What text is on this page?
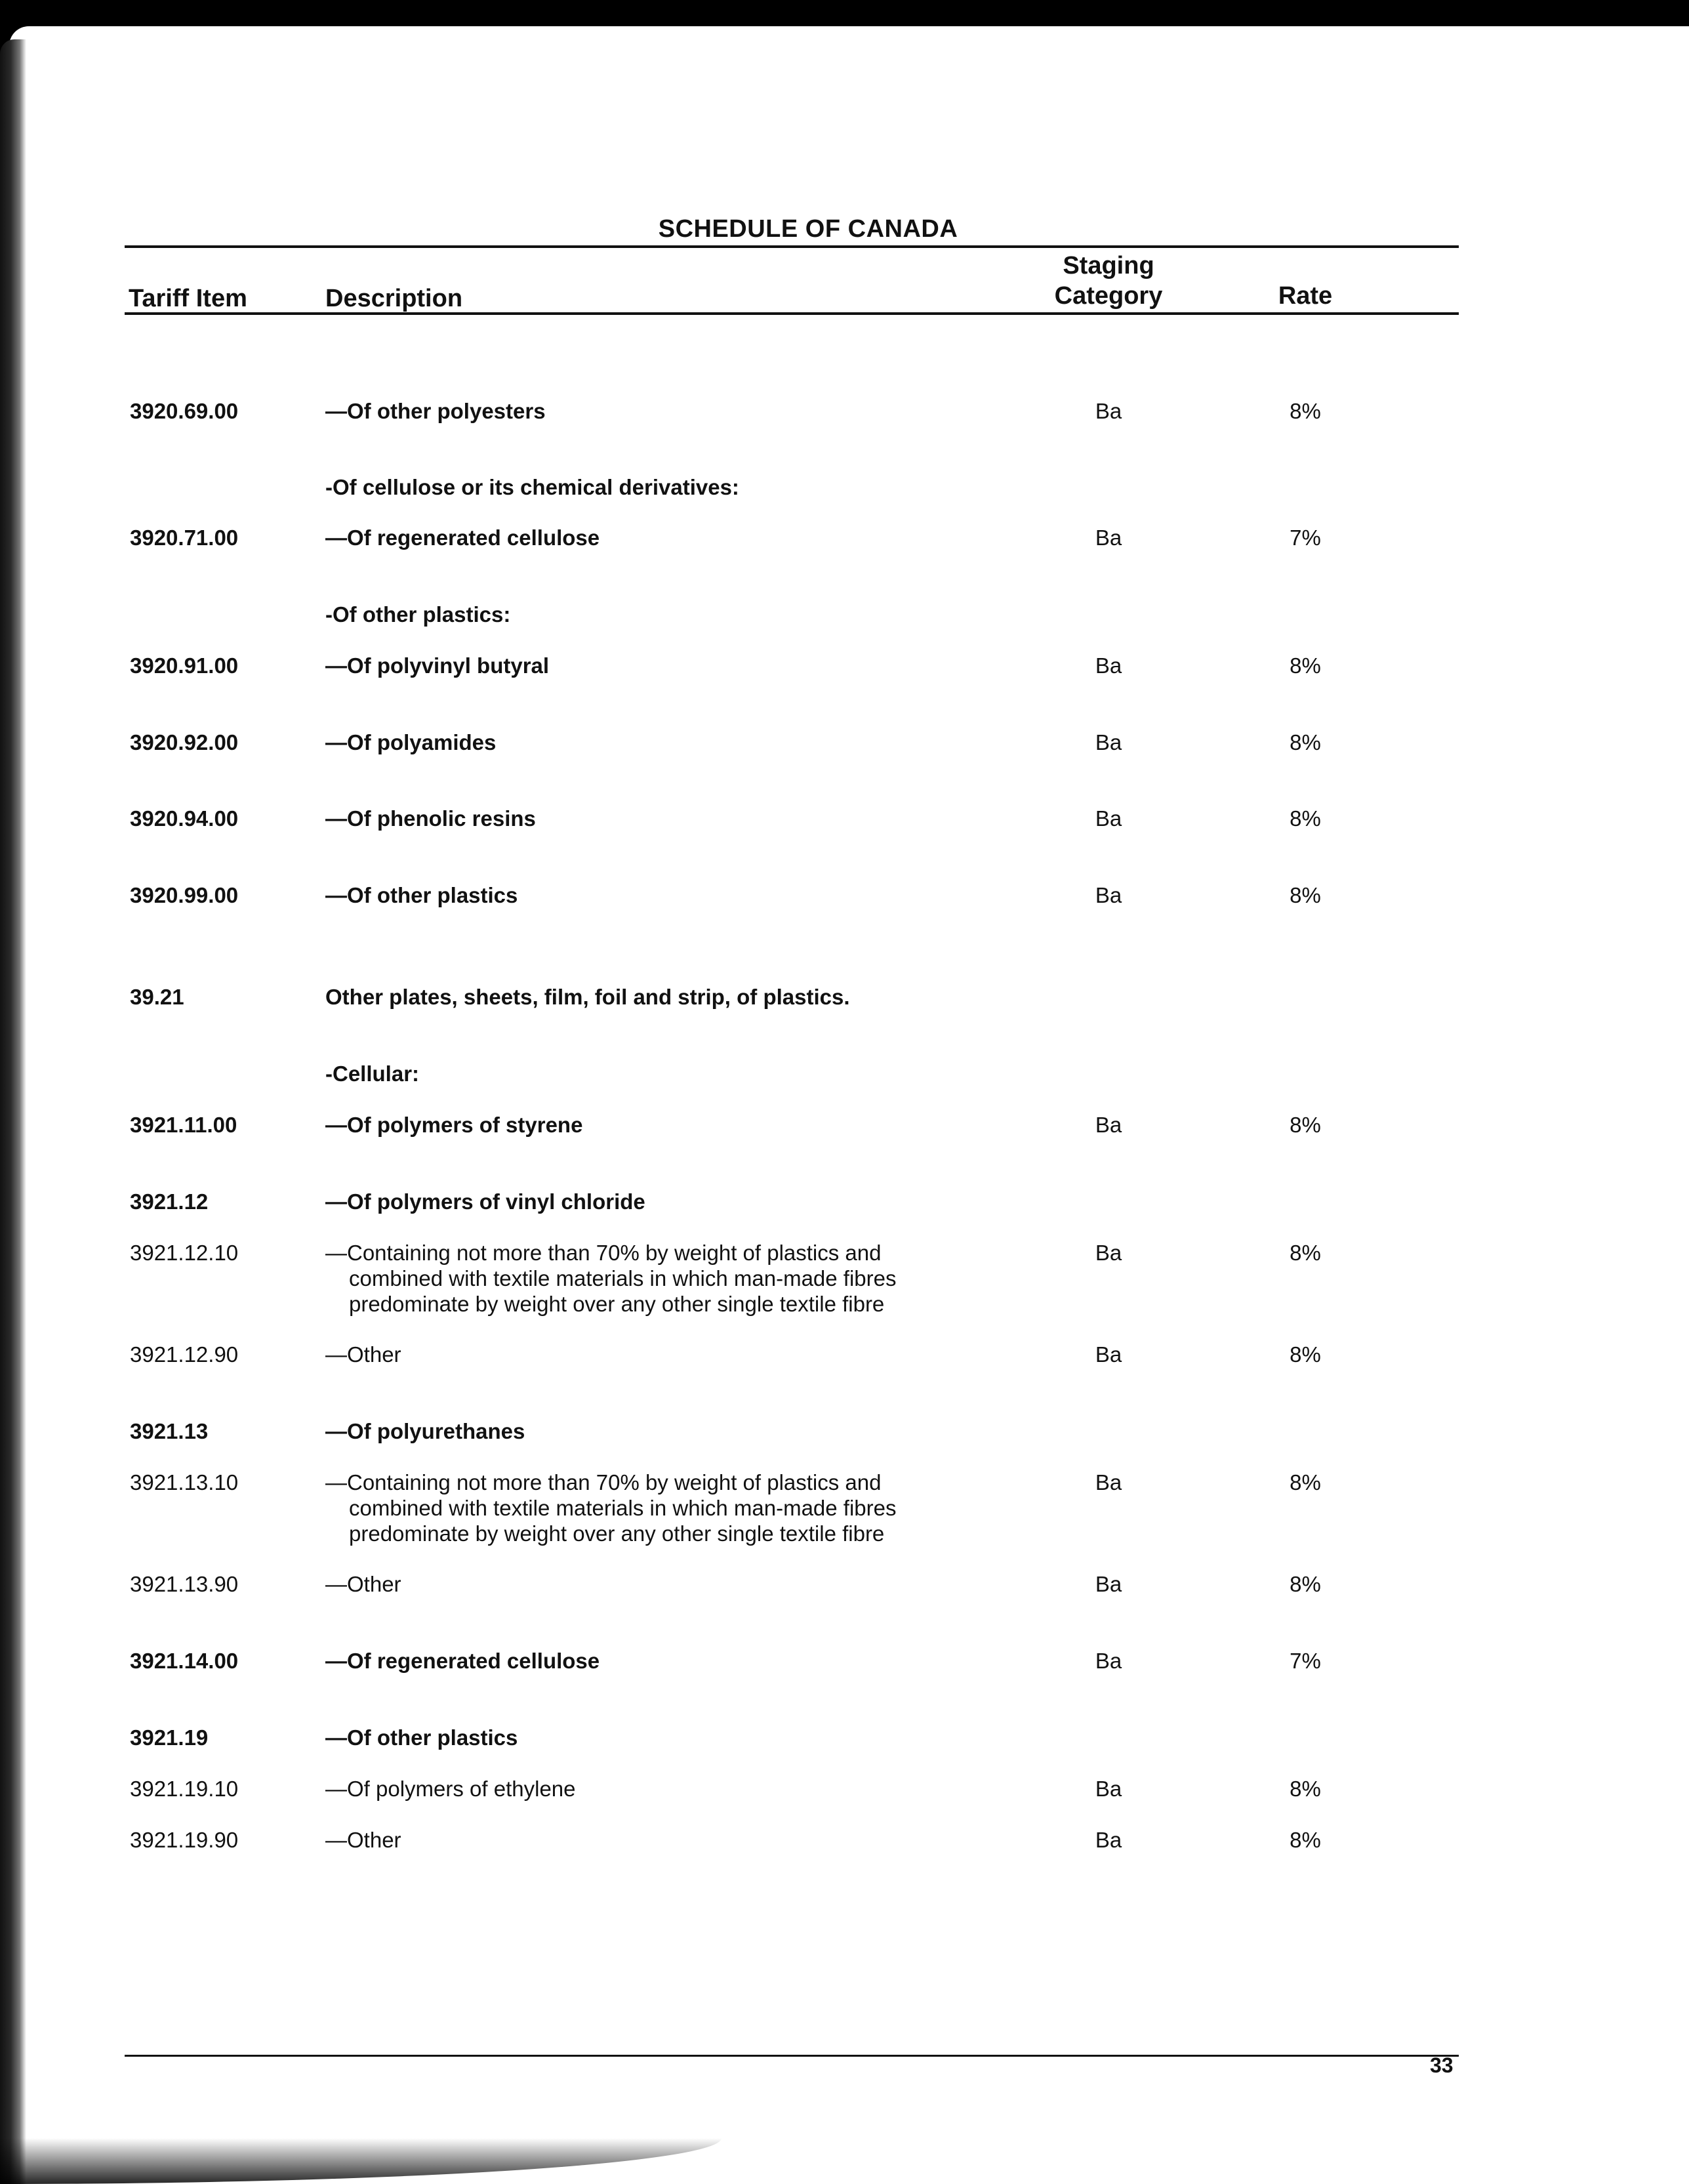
SCHEDULE OF CANADA
Tariff Item	Description
Staging
Category	Rate
3920.69.00	—Of other polyesters	Ba	8%
-Of cellulose or its chemical derivatives:
3920.71.00	—Of regenerated cellulose	Ba	7%
-Of other plastics:
3920.91.00	—Of polyvinyl butyral	Ba	8%
3920.92.00	—Of polyamides	Ba	8%
3920.94.00	—Of phenolic resins	Ba	8%
3920.99.00	—Of other plastics	Ba	8%
39.21	Other plates, sheets, film, foil and strip, of plastics.
-Cellular:
3921.11.00	—Of polymers of styrene	Ba	8%
3921.12	—Of polymers of vinyl chloride
3921.12.10	—Containing not more than 70% by weight of plastics and
combined with textile materials in which man-made fibres
predominate by weight over any other single textile fibre
Ba	8%
3921.12.90	—Other	Ba	8%
3921.13	—Of polyurethanes
3921.13.10	—Containing not more than 70% by weight of plastics and
combined with textile materials in which man-made fibres
predominate by weight over any other single textile fibre
Ba	8%
3921.13.90	—Other	Ba	8%
3921.14.00	—Of regenerated cellulose	Ba	7%
3921.19	—Of other plastics
3921.19.10	—Of polymers of ethylene	Ba	8%
3921.19.90	—Other	Ba	8%
33
